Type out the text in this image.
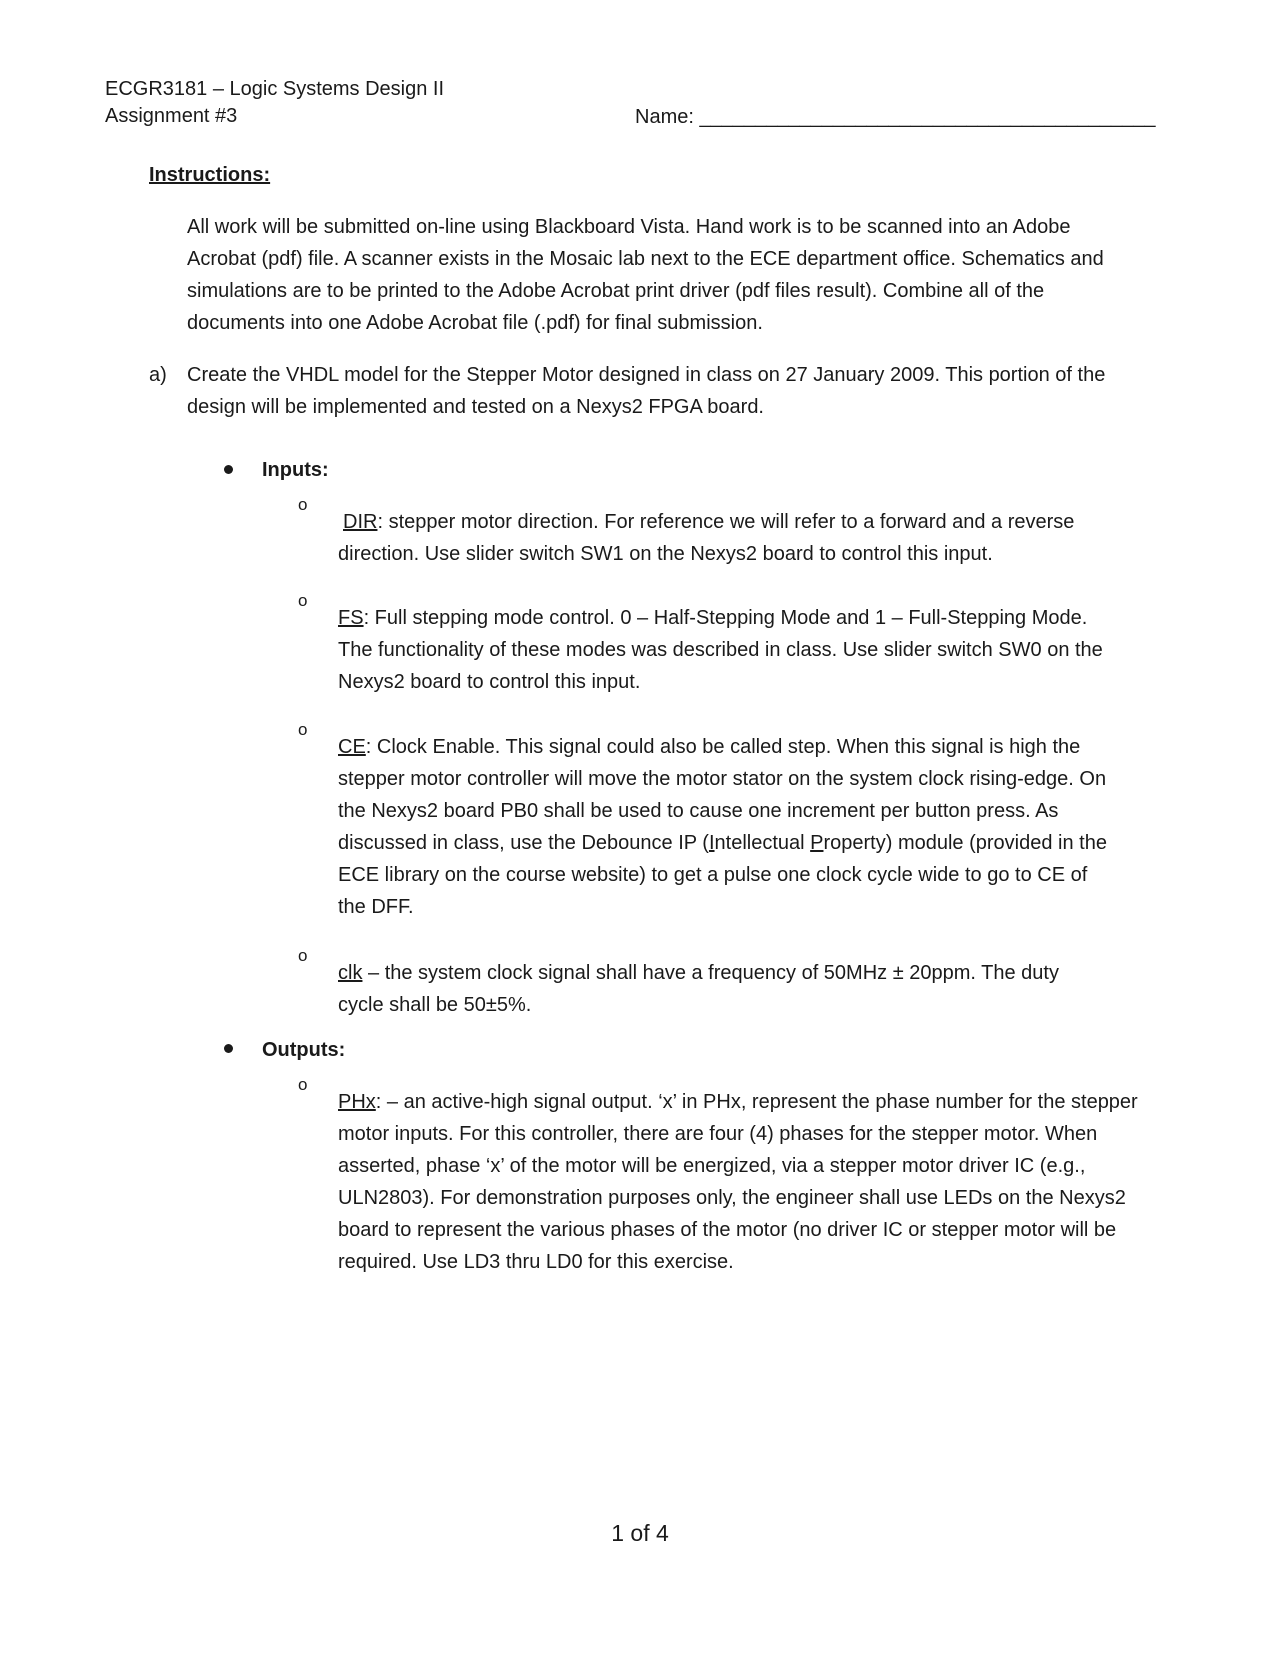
ECGR3181 – Logic Systems Design II
Assignment #3	Name: _________________________________________
Instructions:

All work will be submitted on-line using Blackboard Vista. Hand work is to be scanned into an Adobe Acrobat (pdf) file. A scanner exists in the Mosaic lab next to the ECE department office. Schematics and simulations are to be printed to the Adobe Acrobat print driver (pdf files result). Combine all of the documents into one Adobe Acrobat file (.pdf) for final submission.

a) Create the VHDL model for the Stepper Motor designed in class on 27 January 2009. This portion of the design will be implemented and tested on a Nexys2 FPGA board.

Inputs:
o

DIR: stepper motor direction. For reference we will refer to a forward and a reverse direction. Use slider switch SW1 on the Nexys2 board to control this input.

o

FS: Full stepping mode control. 0 – Half-Stepping Mode and 1 – Full-Stepping Mode. The functionality of these modes was described in class. Use slider switch SW0 on the Nexys2 board to control this input.

o

CE: Clock Enable. This signal could also be called step. When this signal is high the stepper motor controller will move the motor stator on the system clock rising-edge. On the Nexys2 board PB0 shall be used to cause one increment per button press. As discussed in class, use the Debounce IP (Intellectual Property) module (provided in the ECE library on the course website) to get a pulse one clock cycle wide to go to CE of the DFF.

o

clk – the system clock signal shall have a frequency of 50MHz ± 20ppm. The duty cycle shall be 50±5%.

Outputs:
o

PHx: – an active-high signal output. ‘x’ in PHx, represent the phase number for the stepper motor inputs. For this controller, there are four (4) phases for the stepper motor. When asserted, phase ‘x’ of the motor will be energized, via a stepper motor driver IC (e.g., ULN2803). For demonstration purposes only, the engineer shall use LEDs on the Nexys2 board to represent the various phases of the motor (no driver IC or stepper motor will be required. Use LD3 thru LD0 for this exercise.

1 of 4
